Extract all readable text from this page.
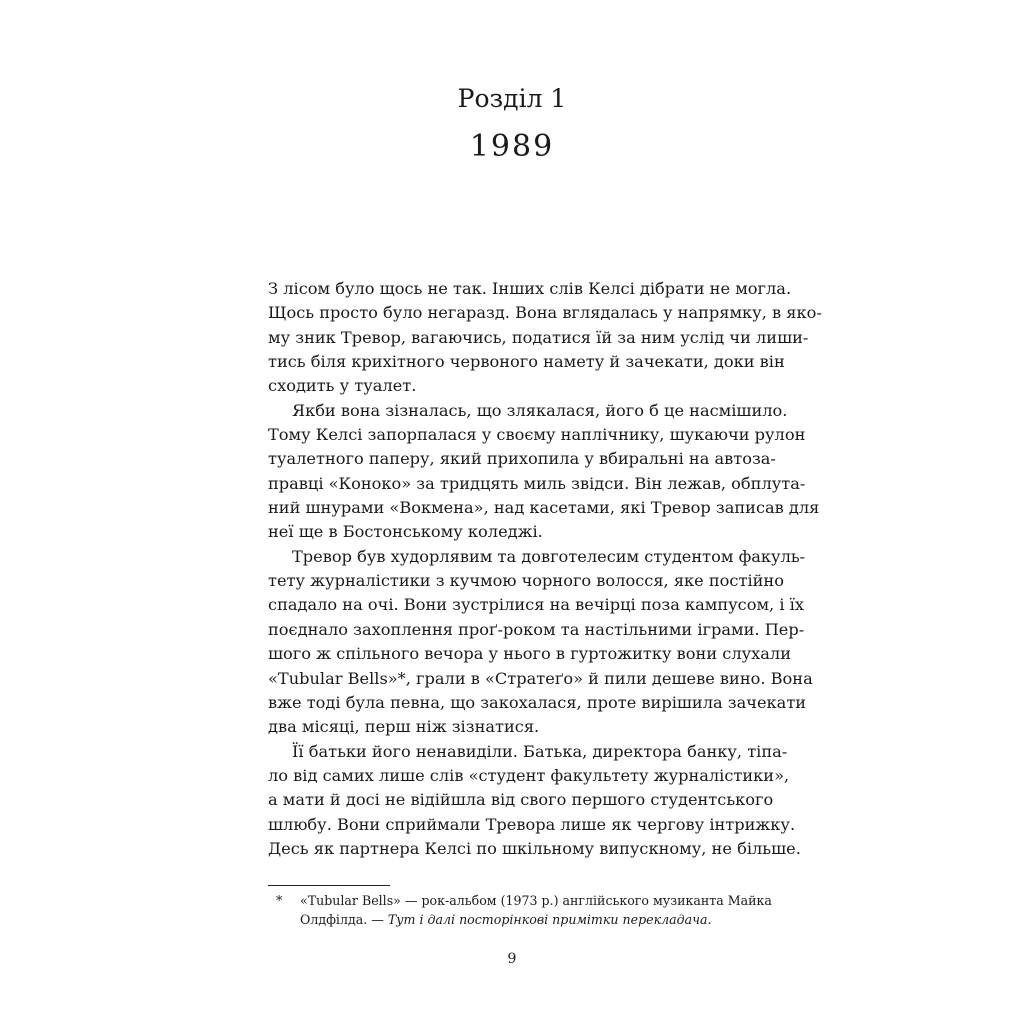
Розділ 1
1989
З лісом було щось не так. Інших слів Келсі дібрати не могла.
Щось просто було негаразд. Вона вглядалась у напрямку, в яко-
му зник Тревор, вагаючись, податися їй за ним услід чи лиши-
тись біля крихітного червоного намету й зачекати, доки він
сходить у туалет.
Якби вона зізналась, що злякалася, його б це насмішило.
Тому Келсі запорпалася у своєму наплічнику, шукаючи рулон
туалетного паперу, який прихопила у вбиральні на автоза-
правці «Коноко» за тридцять миль звідси. Він лежав, обплута-
ний шнурами «Вокмена», над касетами, які Тревор записав для
неї ще в Бостонському коледжі.
Тревор був худорлявим та довготелесим студентом факуль-
тету журналістики з кучмою чорного волосся, яке постійно
спадало на очі. Вони зустрілися на вечірці поза кампусом, і їх
поєднало захоплення проґ-роком та настільними іграми. Пер-
шого ж спільного вечора у нього в гуртожитку вони слухали
«Tubular Bells»*, грали в «Стратеґо» й пили дешеве вино. Вона
вже тоді була певна, що закохалася, проте вирішила зачекати
два місяці, перш ніж зізнатися.
Її батьки його ненавиділи. Батька, директора банку, тіпа-
ло від самих лише слів «студент факультету журналістики»,
а мати й досі не відійшла від свого першого студентського
шлюбу. Вони сприймали Тревора лише як чергову інтрижку.
Десь як партнера Келсі по шкільному випускному, не більше.
*	«Tubular Bells» — рок-альбом (1973 р.) англійського музиканта Майка
Олдфілда. — Тут і далі посторінкові примітки перекладача.
9
